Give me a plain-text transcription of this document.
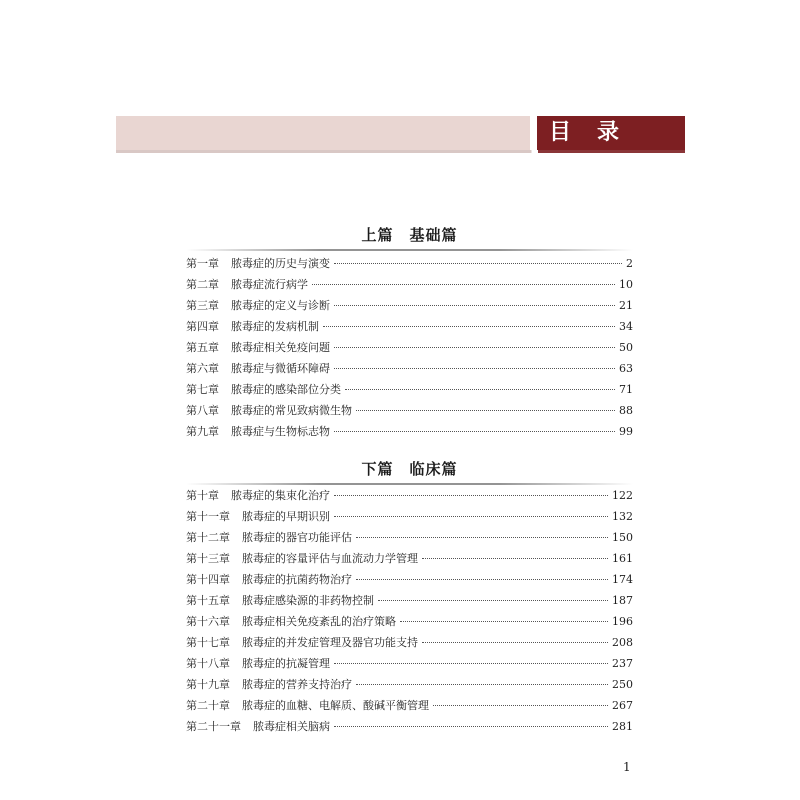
目录
上篇　基础篇
第一章 脓毒症的历史与演变	2
第二章 脓毒症流行病学	10
第三章 脓毒症的定义与诊断	21
第四章 脓毒症的发病机制	34
第五章 脓毒症相关免疫问题	50
第六章 脓毒症与微循环障碍	63
第七章 脓毒症的感染部位分类	71
第八章 脓毒症的常见致病微生物	88
第九章 脓毒症与生物标志物	99
下篇　临床篇
第十章 脓毒症的集束化治疗	122
第十一章 脓毒症的早期识别	132
第十二章 脓毒症的器官功能评估	150
第十三章 脓毒症的容量评估与血流动力学管理	161
第十四章 脓毒症的抗菌药物治疗	174
第十五章 脓毒症感染源的非药物控制	187
第十六章 脓毒症相关免疫紊乱的治疗策略	196
第十七章 脓毒症的并发症管理及器官功能支持	208
第十八章 脓毒症的抗凝管理	237
第十九章 脓毒症的营养支持治疗	250
第二十章 脓毒症的血糖、电解质、酸碱平衡管理	267
第二十一章 脓毒症相关脑病	281
1
